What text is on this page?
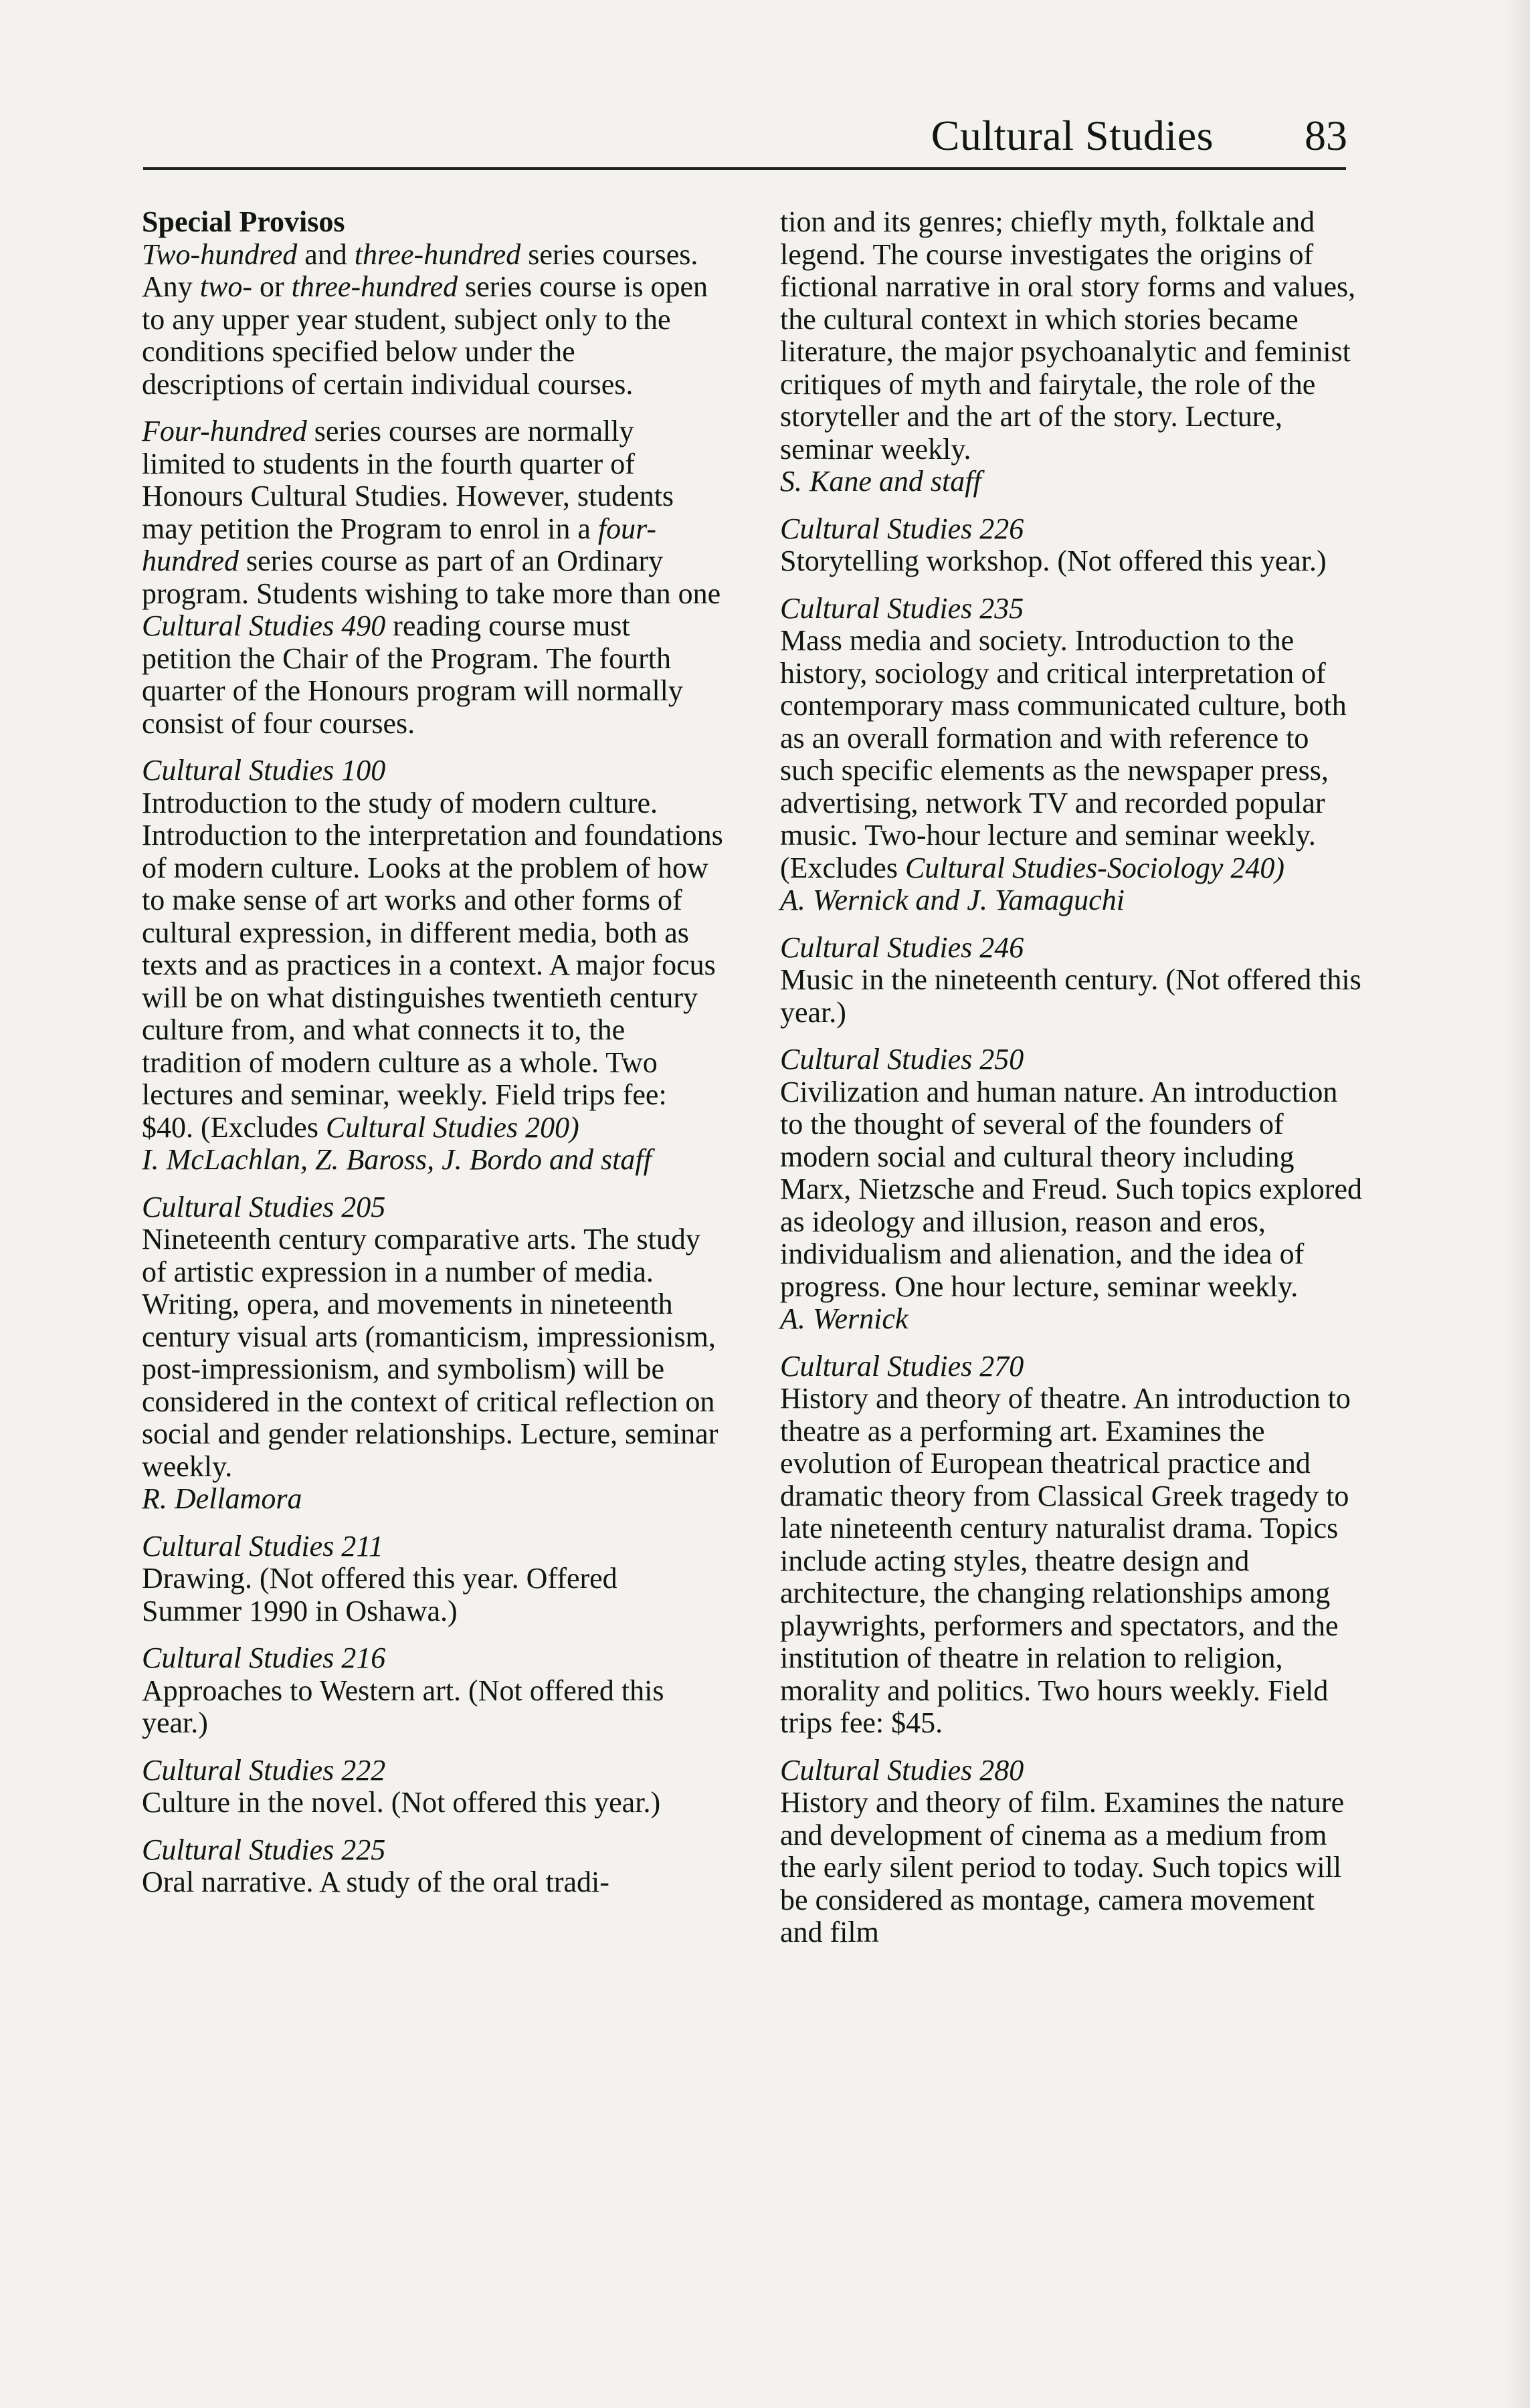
Cultural Studies 83

Special Provisos

Two-hundred and three-hundred series courses.

Any two- or three-hundred series course is open to any upper year student, subject only to the conditions specified below under the descriptions of certain individual courses.

Four-hundred series courses are normally limited to students in the fourth quarter of Honours Cultural Studies. However, students may petition the Program to enrol in a four-hundred series course as part of an Ordinary program. Students wishing to take more than one Cultural Studies 490 reading course must petition the Chair of the Program. The fourth quarter of the Honours program will normally consist of four courses.

Cultural Studies 100

Introduction to the study of modern culture. Introduction to the interpretation and foundations of modern culture. Looks at the problem of how to make sense of art works and other forms of cultural expression, in different media, both as texts and as practices in a context. A major focus will be on what distinguishes twentieth century culture from, and what connects it to, the tradition of modern culture as a whole. Two lectures and seminar, weekly. Field trips fee: $40. (Excludes Cultural Studies 200)

I. McLachlan, Z. Baross, J. Bordo and staff

Cultural Studies 205

Nineteenth century comparative arts. The study of artistic expression in a number of media. Writing, opera, and movements in nineteenth century visual arts (romanticism, impressionism, post-impressionism, and symbolism) will be considered in the context of critical reflection on social and gender relationships. Lecture, seminar weekly.

R. Dellamora

Cultural Studies 211

Drawing. (Not offered this year. Offered Summer 1990 in Oshawa.)

Cultural Studies 216

Approaches to Western art. (Not offered this year.)

Cultural Studies 222

Culture in the novel. (Not offered this year.)

Cultural Studies 225

Oral narrative. A study of the oral tradi-

tion and its genres; chiefly myth, folktale and legend. The course investigates the origins of fictional narrative in oral story forms and values, the cultural context in which stories became literature, the major psychoanalytic and feminist critiques of myth and fairytale, the role of the storyteller and the art of the story. Lecture, seminar weekly.

S. Kane and staff

Cultural Studies 226

Storytelling workshop. (Not offered this year.)

Cultural Studies 235

Mass media and society. Introduction to the history, sociology and critical interpretation of contemporary mass communicated culture, both as an overall formation and with reference to such specific elements as the newspaper press, advertising, network TV and recorded popular music. Two-hour lecture and seminar weekly. (Excludes Cultural Studies-Sociology 240)

A. Wernick and J. Yamaguchi

Cultural Studies 246

Music in the nineteenth century. (Not offered this year.)

Cultural Studies 250

Civilization and human nature. An introduction to the thought of several of the founders of modern social and cultural theory including Marx, Nietzsche and Freud. Such topics explored as ideology and illusion, reason and eros, individualism and alienation, and the idea of progress. One hour lecture, seminar weekly.

A. Wernick

Cultural Studies 270

History and theory of theatre. An introduction to theatre as a performing art. Examines the evolution of European theatrical practice and dramatic theory from Classical Greek tragedy to late nineteenth century naturalist drama. Topics include acting styles, theatre design and architecture, the changing relationships among playwrights, performers and spectators, and the institution of theatre in relation to religion, morality and politics. Two hours weekly. Field trips fee: $45.

Cultural Studies 280

History and theory of film. Examines the nature and development of cinema as a medium from the early silent period to today. Such topics will be considered as montage, camera movement and film
